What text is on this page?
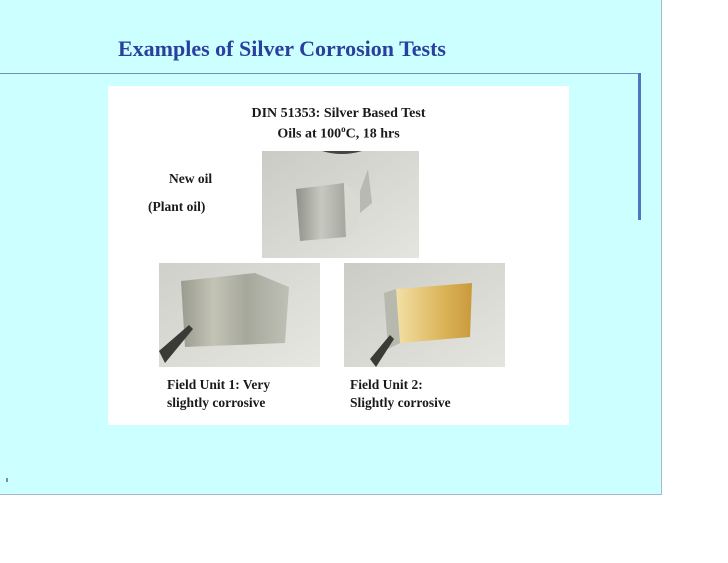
Examples of Silver Corrosion Tests
DIN 51353: Silver Based Test
Oils at 100$^o$C, 18 hrs
New oil
(Plant oil)
Field Unit 1: Very
slightly corrosive
Field Unit 2:
Slightly corrosive
